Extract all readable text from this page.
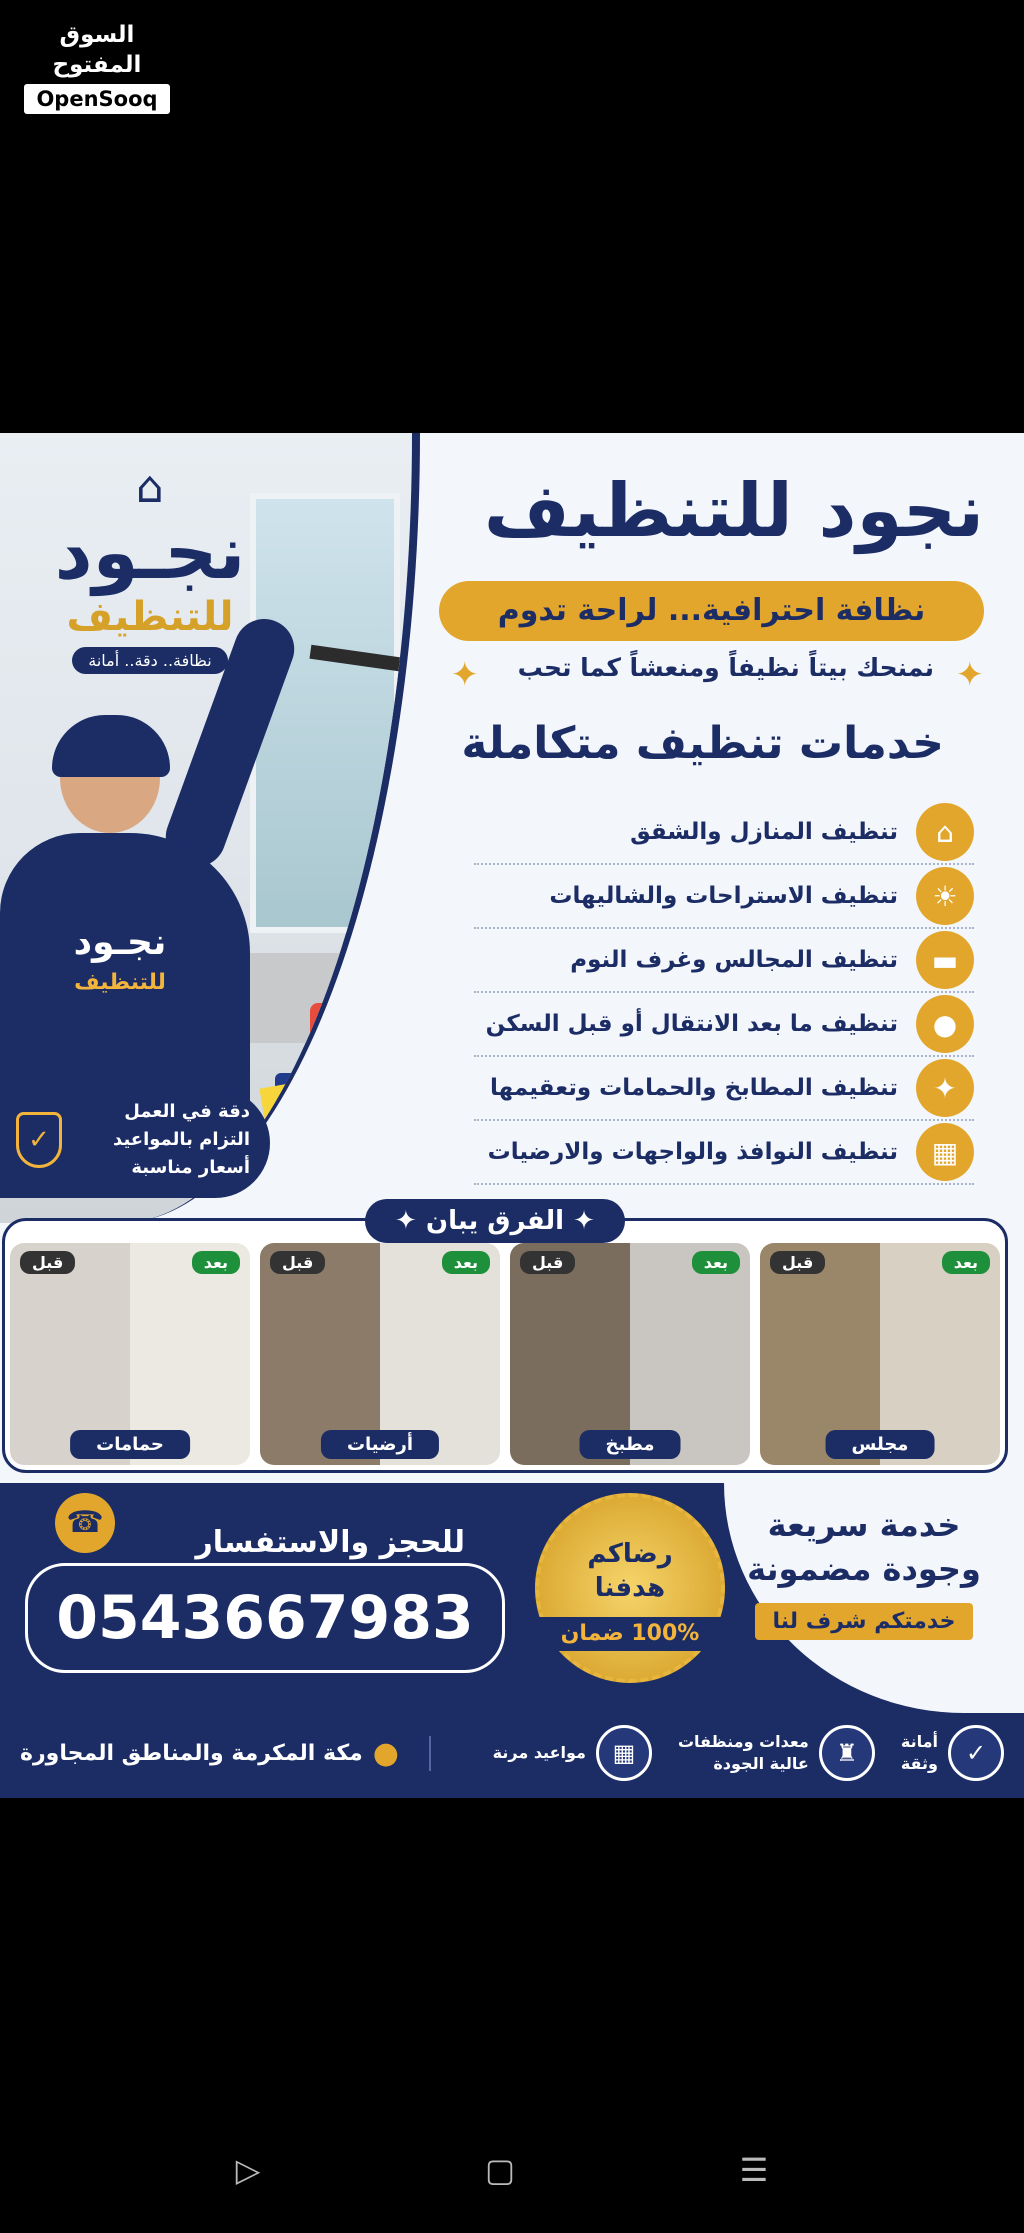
السوق المفتوح
OpenSooq
نجـود
للتنظيف
⌂
نجـود
للتنظيف
نظافة.. دقة.. أمانة
✓
دقة في العمل
التزام بالمواعيد
أسعار مناسبة
نجود للتنظيف
نظافة احترافية... لراحة تدوم
✦
✦ نمنحك بيتاً نظيفاً ومنعشاً كما تحب
خدمات تنظيف متكاملة
⌂
تنظيف المنازل والشقق
☀
تنظيف الاستراحات والشاليهات
▬
تنظيف المجالس وغرف النوم
●
تنظيف ما بعد الانتقال أو قبل السكن
✦
تنظيف المطابخ والحمامات وتعقيمها
▦
تنظيف النوافذ والواجهات والارضيات
✦ الفرق يبان ✦
بعد
قبل
حمامات
بعد
قبل
أرضيات
بعد
قبل
مطبخ
بعد
قبل
مجلس
خدمة سريعة
وجودة مضمونة
خدمتكم شرف لنا
رضاكم
هدفنا
100% ضمان
للحجز والاستفسار
0543667983
☎
✓
أمانة
وثقة
♜
معدات ومنظفات
عالية الجودة
▦
مواعيد مرنة
●
مكة المكرمة والمناطق المجاورة
▷	▢	☰
